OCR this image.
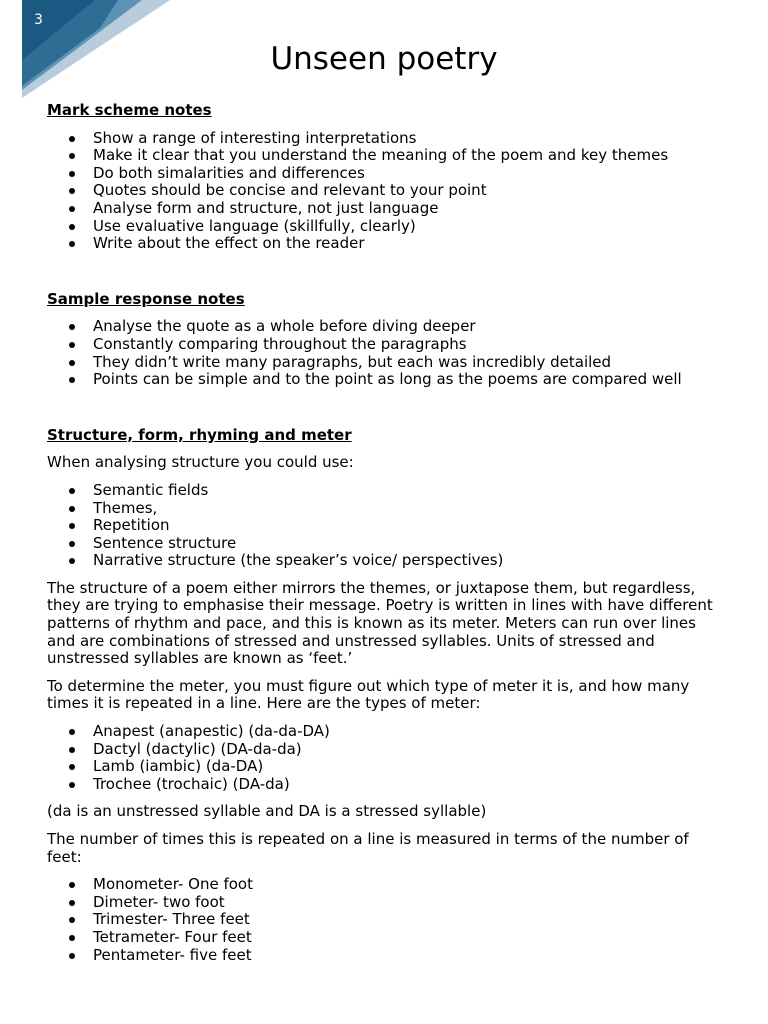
3
Unseen poetry
Mark scheme notes
Show a range of interesting interpretations
Make it clear that you understand the meaning of the poem and key themes
Do both simalarities and differences
Quotes should be concise and relevant to your point
Analyse form and structure, not just language
Use evaluative language (skillfully, clearly)
Write about the effect on the reader
Sample response notes
Analyse the quote as a whole before diving deeper
Constantly comparing throughout the paragraphs
They didn’t write many paragraphs, but each was incredibly detailed
Points can be simple and to the point as long as the poems are compared well
Structure, form, rhyming and meter

When analysing structure you could use:

Semantic fields
Themes,
Repetition
Sentence structure
Narrative structure (the speaker’s voice/ perspectives)

The structure of a poem either mirrors the themes, or juxtapose them, but regardless, they are trying to emphasise their message. Poetry is written in lines with have different patterns of rhythm and pace, and this is known as its meter. Meters can run over lines and are combinations of stressed and unstressed syllables. Units of stressed and unstressed syllables are known as ‘feet.’

To determine the meter, you must figure out which type of meter it is, and how many times it is repeated in a line. Here are the types of meter:

Anapest (anapestic) (da-da-DA)
Dactyl (dactylic) (DA-da-da)
Lamb (iambic) (da-DA)
Trochee (trochaic) (DA-da)

(da is an unstressed syllable and DA is a stressed syllable)

The number of times this is repeated on a line is measured in terms of the number of feet:

Monometer- One foot
Dimeter- two foot
Trimester- Three feet
Tetrameter- Four feet
Pentameter- five feet
